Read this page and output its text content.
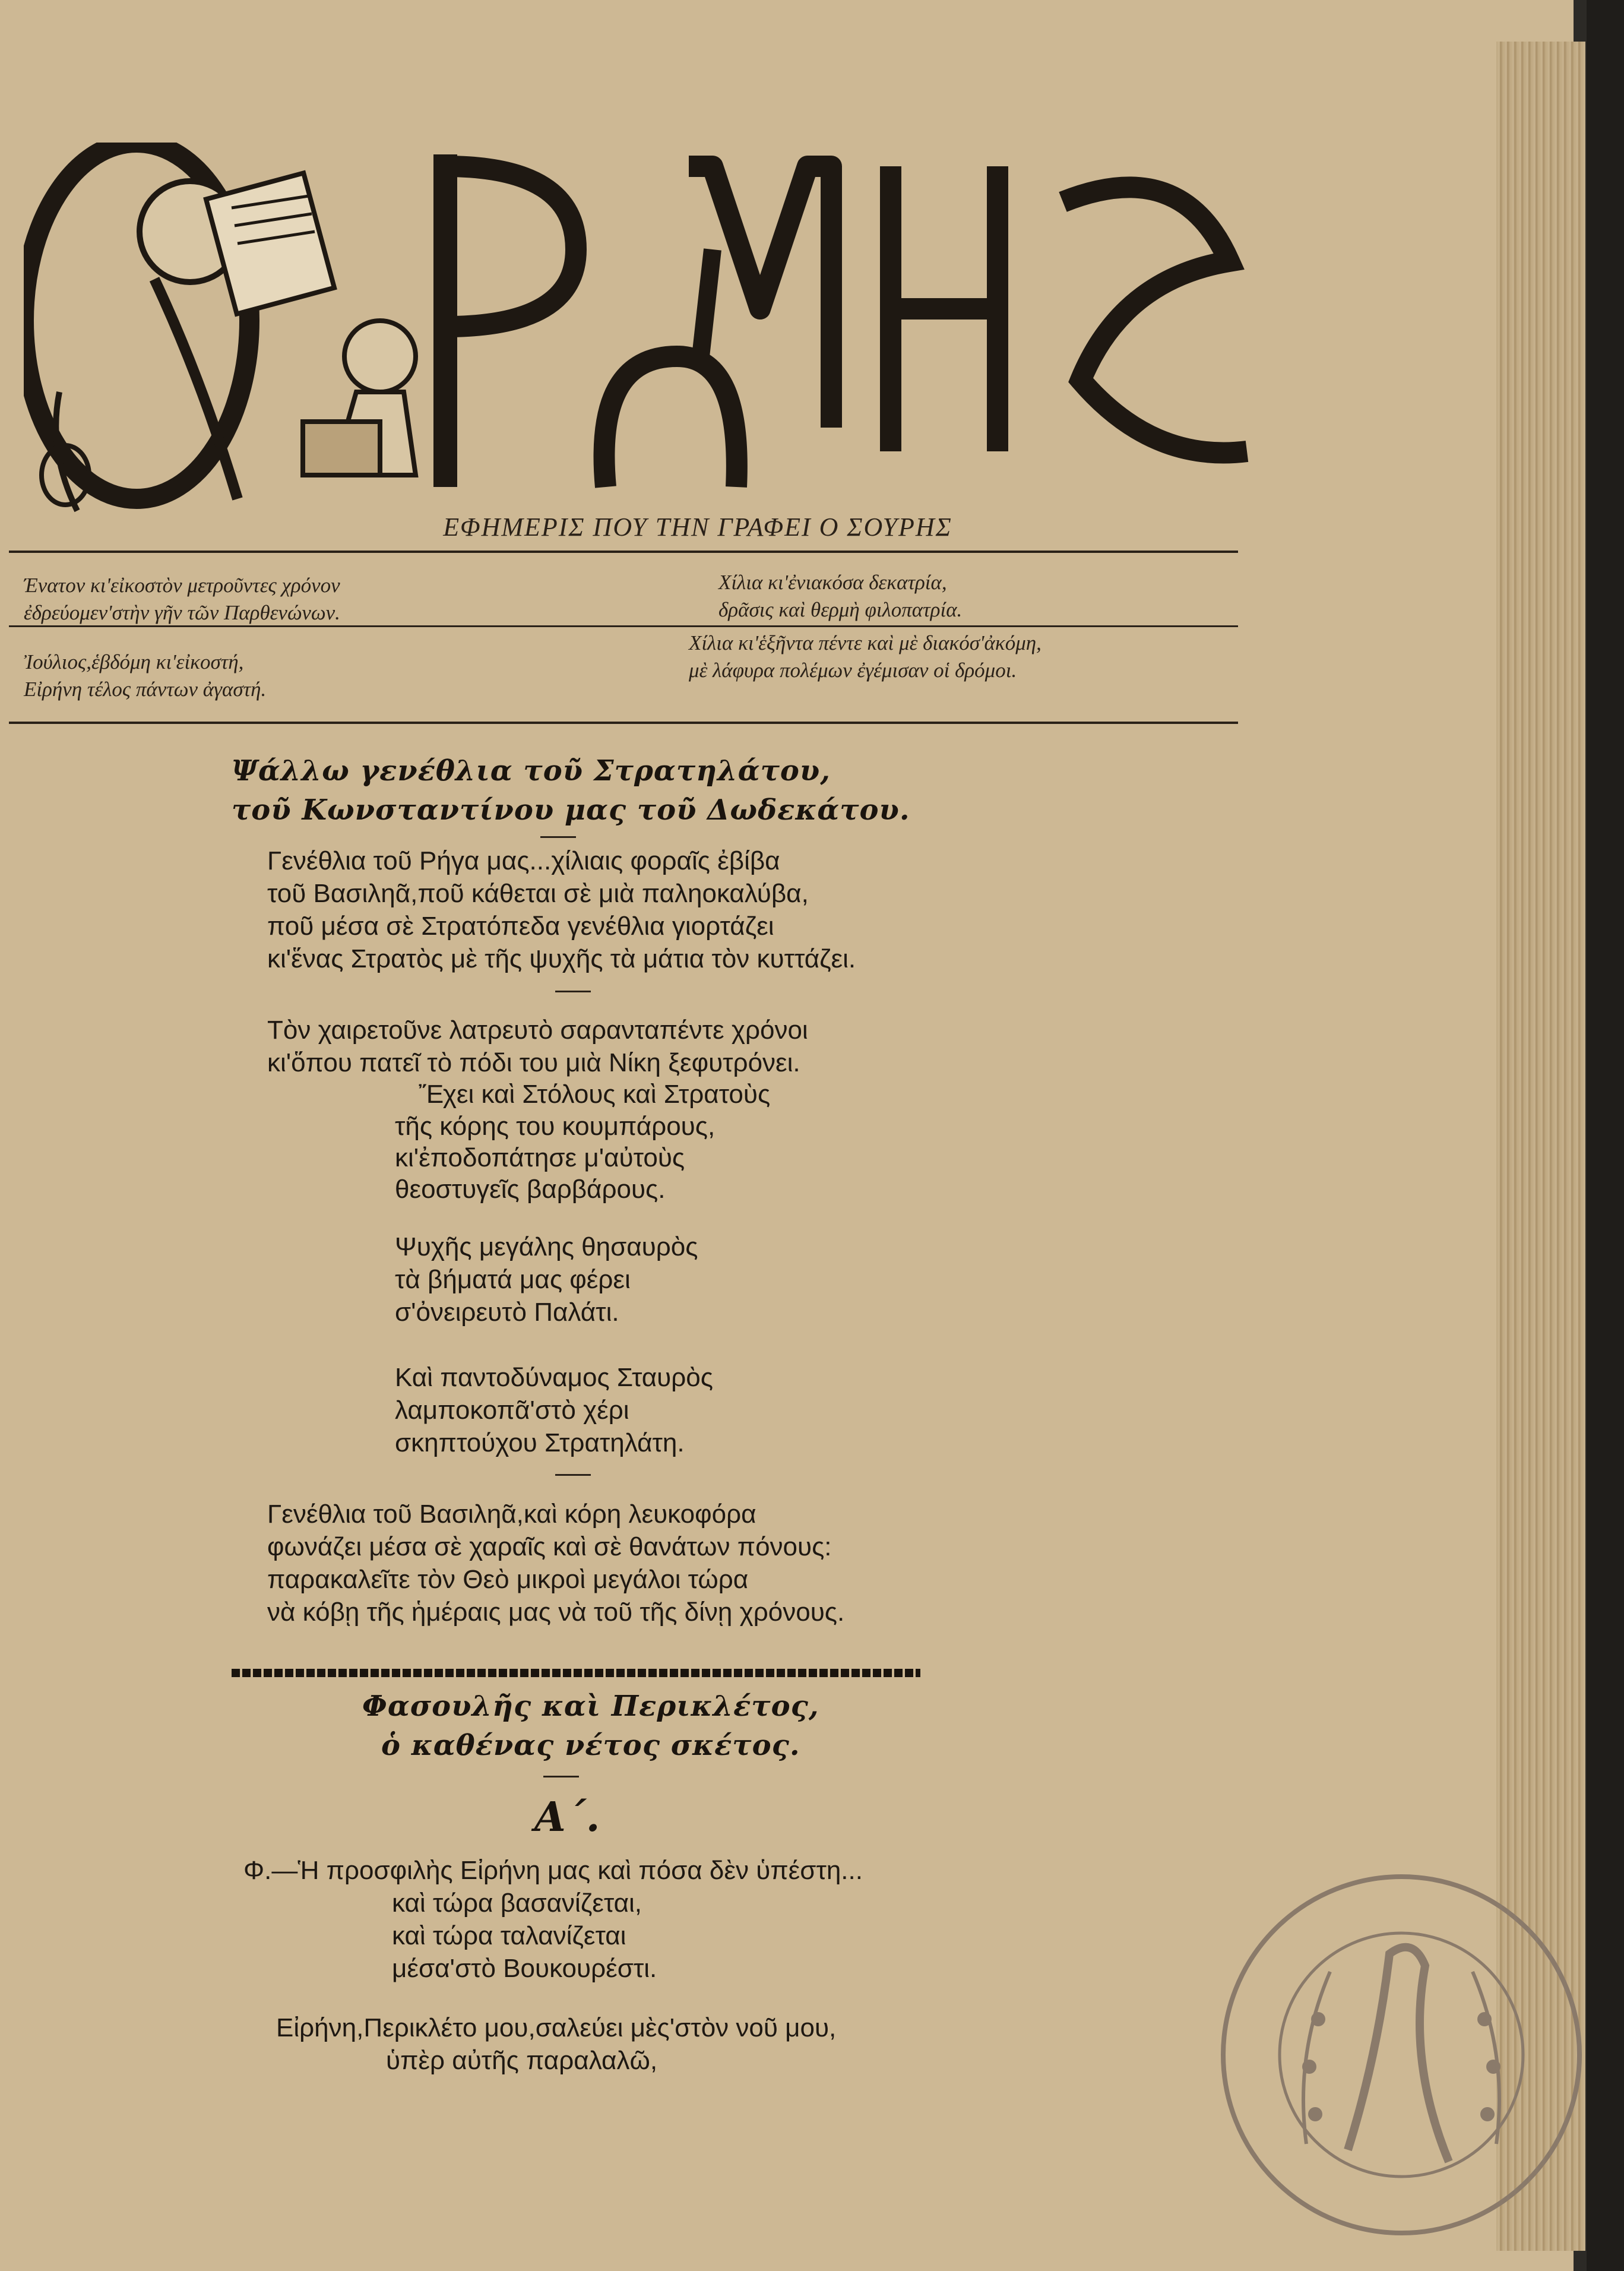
ΕΦΗΜΕΡΙΣ ΠΟΥ ΤΗΝ ΓΡΑΦΕΙ Ο ΣΟΥΡΗΣ
Ένατον κι'εἰκοστὸν μετροῦντες χρόνον
ἐδρεύομεν'στὴν γῆν τῶν Παρθενώνων.
Χίλια κι'ἐνιακόσα δεκατρία,
δρᾶσις καὶ θερμὴ φιλοπατρία.
Ἰούλιος,ἑβδόμη κι'εἰκοστή,
Εἰρήνη τέλος πάντων ἀγαστή.
Χίλια κι'ἑξῆντα πέντε καὶ μὲ διακόσ'ἀκόμη,
μὲ λάφυρα πολέμων ἐγέμισαν οἱ δρόμοι.
Ψάλλω γενέθλια τοῦ Στρατηλάτου,
τοῦ Κωνσταντίνου μας τοῦ Δωδεκάτου.
Γενέθλια τοῦ Ρήγα μας...χίλιαις φοραῖς ἐβίβα
τοῦ Βασιληᾶ,ποῦ κάθεται σὲ μιὰ παληοκαλύβα,
ποῦ μέσα σὲ Στρατόπεδα γενέθλια γιορτάζει
κι'ἕνας Στρατὸς μὲ τῆς ψυχῆς τὰ μάτια τὸν κυττάζει.
Τὸν χαιρετοῦνε λατρευτὸ σαρανταπέντε χρόνοι
κι'ὅπου πατεῖ τὸ πόδι του μιὰ Νίκη ξεφυτρόνει.
Ἔχει καὶ Στόλους καὶ Στρατοὺς
τῆς κόρης του κουμπάρους,
κι'ἐποδοπάτησε μ'αὐτοὺς
θεοστυγεῖς βαρβάρους.
Ψυχῆς μεγάλης θησαυρὸς
τὰ βήματά μας φέρει
σ'ὀνειρευτὸ Παλάτι.
Καὶ παντοδύναμος Σταυρὸς
λαμποκοπᾶ'στὸ χέρι
σκηπτούχου Στρατηλάτη.
Γενέθλια τοῦ Βασιληᾶ,καὶ κόρη λευκοφόρα
φωνάζει μέσα σὲ χαραῖς καὶ σὲ θανάτων πόνους:
παρακαλεῖτε τὸν Θεὸ μικροὶ μεγάλοι τώρα
νὰ κόβῃ τῆς ἡμέραις μας νὰ τοῦ τῆς δίνῃ χρόνους.
Φασουλῆς καὶ Περικλέτος,
ὁ καθένας νέτος σκέτος.
Α΄.
Φ.—Ἡ προσφιλὴς Εἰρήνη μας καὶ πόσα δὲν ὑπέστη...
καὶ τώρα βασανίζεται,
καὶ τώρα ταλανίζεται
μέσα'στὸ Βουκουρέστι.
Εἰρήνη,Περικλέτο μου,σαλεύει μὲς'στὸν νοῦ μου,
ὑπὲρ αὐτῆς παραλαλῶ,
